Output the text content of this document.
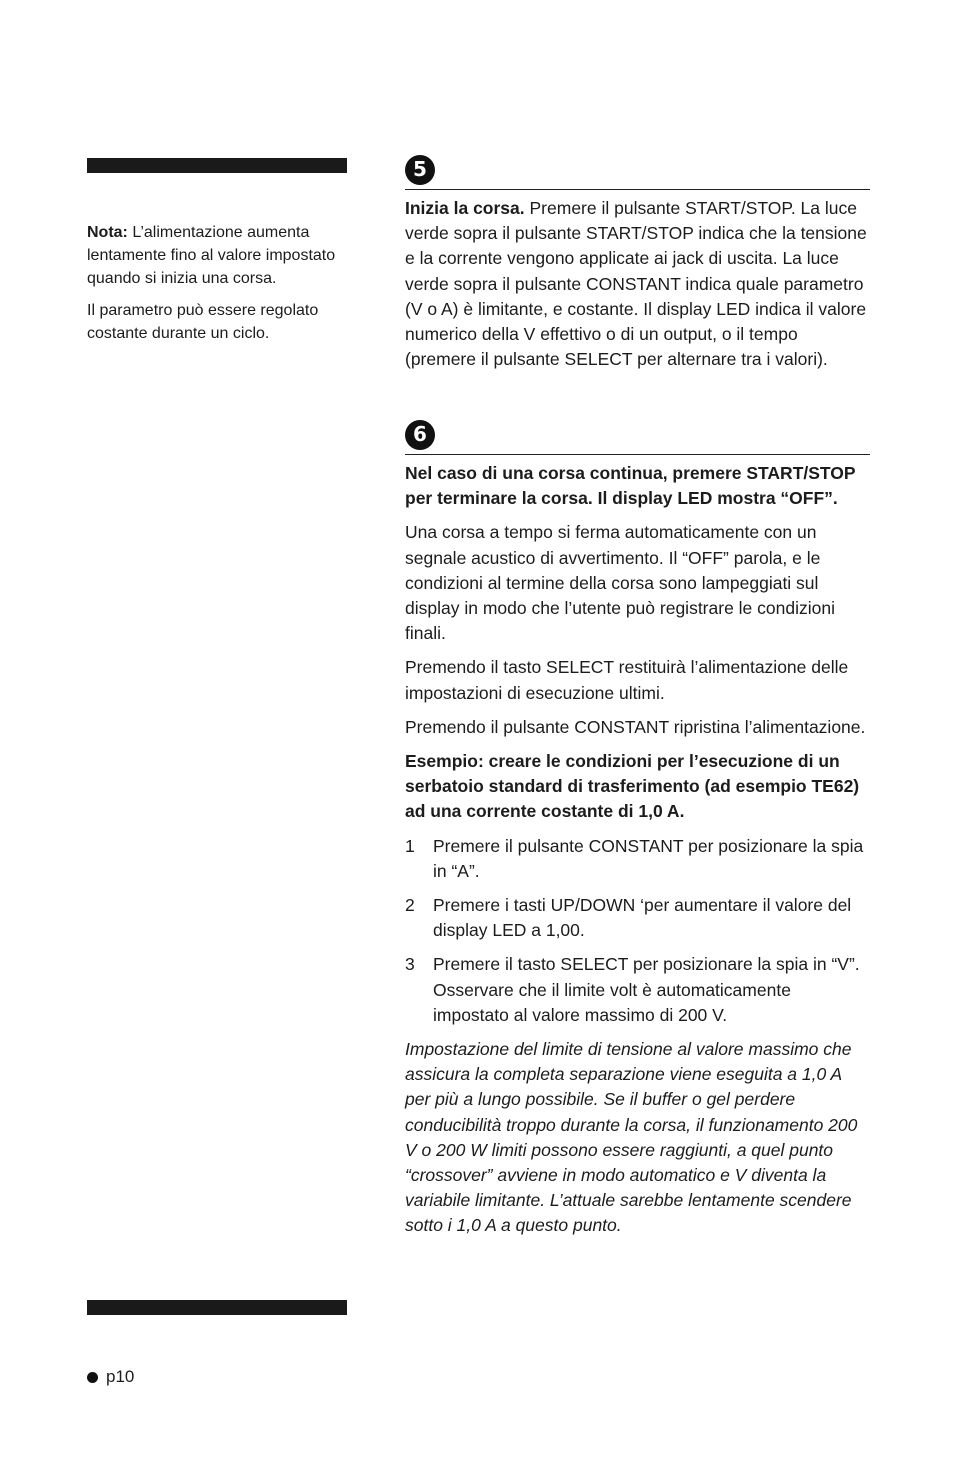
Nota: L’alimentazione aumenta lentamente fino al valore impostato quando si inizia una corsa.

Il parametro può essere regolato costante durante un ciclo.

5

Inizia la corsa. Premere il pulsante START/STOP. La luce verde sopra il pulsante START/STOP indica che la tensione e la corrente vengono applicate ai jack di uscita. La luce verde sopra il pulsante CONSTANT indica quale parametro (V o A) è limitante, e costante. Il display LED indica il valore numerico della V effettivo o di un output, o il tempo (premere il pulsante SELECT per alternare tra i valori).

6

Nel caso di una corsa continua, premere START/STOP per terminare la corsa. Il display LED mostra “OFF”.

Una corsa a tempo si ferma automaticamente con un segnale acustico di avvertimento. Il “OFF” parola, e le condizioni al termine della corsa sono lampeggiati sul display in modo che l’utente può registrare le condizioni finali.

Premendo il tasto SELECT restituirà l’alimentazione delle impostazioni di esecuzione ultimi.

Premendo il pulsante CONSTANT ripristina l’alimentazione.

Esempio: creare le condizioni per l’esecuzione di un serbatoio standard di trasferimento (ad esempio TE62) ad una corrente costante di 1,0 A.

1	Premere il pulsante CONSTANT per posizionare la spia in “A”.
2	Premere i tasti UP/DOWN ‘per aumentare il valore del display LED a 1,00.
3	Premere il tasto SELECT per posizionare la spia in “V”. Osservare che il limite volt è automaticamente impostato al valore massimo di 200 V.

Impostazione del limite di tensione al valore massimo che assicura la completa separazione viene eseguita a 1,0 A per più a lungo possibile. Se il buffer o gel perdere conducibilità troppo durante la corsa, il funzionamento 200 V o 200 W limiti possono essere raggiunti, a quel punto “crossover” avviene in modo automatico e V diventa la variabile limitante. L’attuale sarebbe lentamente scendere sotto i 1,0 A a questo punto.

p10
